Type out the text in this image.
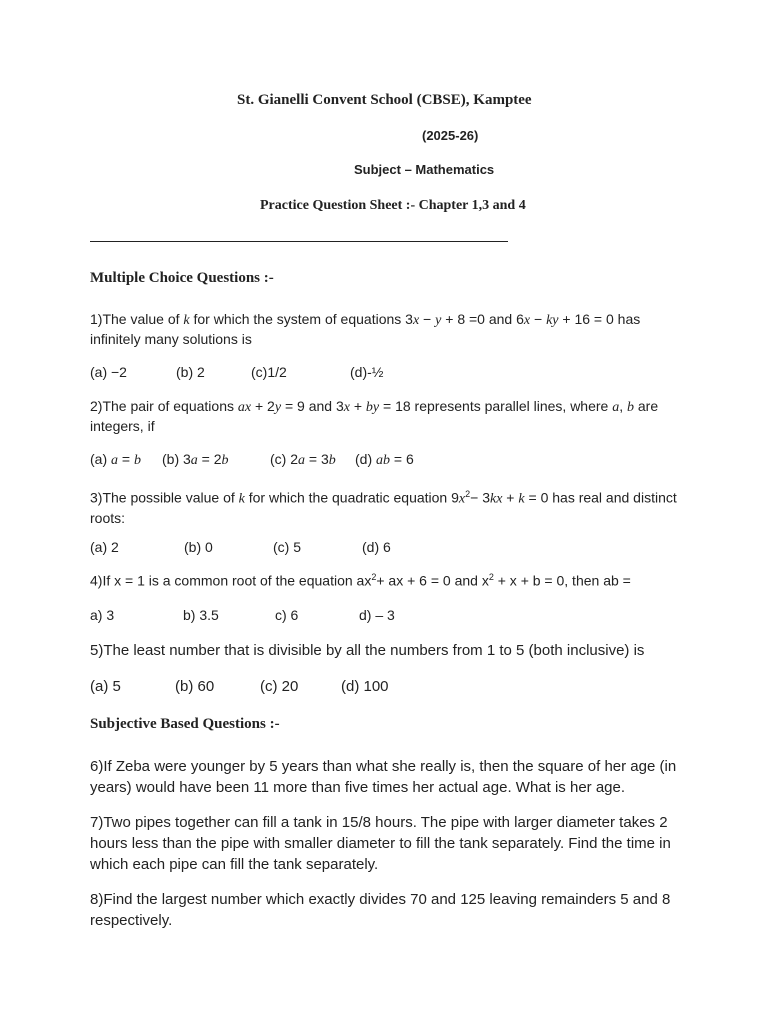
St. Gianelli Convent School (CBSE), Kamptee
(2025-26)
Subject – Mathematics
Practice Question Sheet :- Chapter 1,3 and 4
Multiple Choice Questions :-
1)The value of k for which the system of equations 3x − y + 8 =0 and 6x − ky + 16 = 0 has infinitely many solutions is
(a) −2	(b) 2	(c)1/2	(d)-½
2)The pair of equations ax + 2y = 9 and 3x + by = 18 represents parallel lines, where a, b are integers, if
(a) a = b (b) 3a = 2b	(c) 2a = 3b (d) ab = 6
3)The possible value of k for which the quadratic equation $9x^2- 3kx + k = 0$ has real and distinct roots:
(a) 2	(b) 0	(c) 5	(d) 6
4)If x = 1 is a common root of the equation $ax^2+$ ax + 6 = 0 and $x^2 + x + b = 0$, then ab =
a) 3	b) 3.5	c) 6	d) – 3
5)The least number that is divisible by all the numbers from 1 to 5 (both inclusive) is
(a) 5	(b) 60	(c) 20	(d) 100
Subjective Based Questions :-
6)If Zeba were younger by 5 years than what she really is, then the square of her age (in years) would have been 11 more than five times her actual age. What is her age.
7)Two pipes together can fill a tank in 15/8 hours. The pipe with larger diameter takes 2 hours less than the pipe with smaller diameter to fill the tank separately. Find the time in which each pipe can fill the tank separately.
8)Find the largest number which exactly divides 70 and 125 leaving remainders 5 and 8 respectively.
